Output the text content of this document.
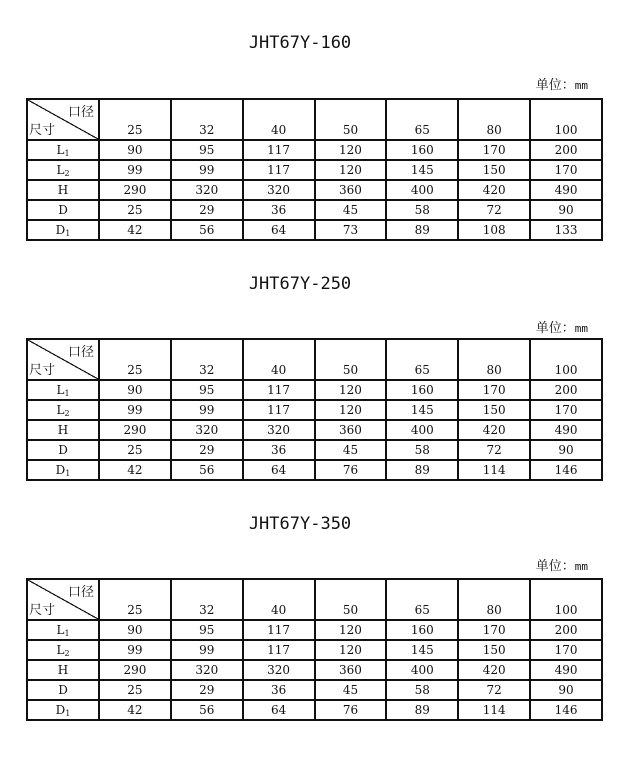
JHT67Y-160
单位：mm
口径
尺寸	25	32	40	50	65	80	100
$L_1$	90	95	117	120	160	170	200
$L_2$	99	99	117	120	145	150	170
H	290	320	320	360	400	420	490
D	25	29	36	45	58	72	90
$D_1$	42	56	64	73	89	108	133
JHT67Y-250
单位：mm
口径
尺寸	25	32	40	50	65	80	100
$L_1$	90	95	117	120	160	170	200
$L_2$	99	99	117	120	145	150	170
H	290	320	320	360	400	420	490
D	25	29	36	45	58	72	90
$D_1$	42	56	64	76	89	114	146
JHT67Y-350
单位：mm
口径
尺寸	25	32	40	50	65	80	100
$L_1$	90	95	117	120	160	170	200
$L_2$	99	99	117	120	145	150	170
H	290	320	320	360	400	420	490
D	25	29	36	45	58	72	90
$D_1$	42	56	64	76	89	114	146
